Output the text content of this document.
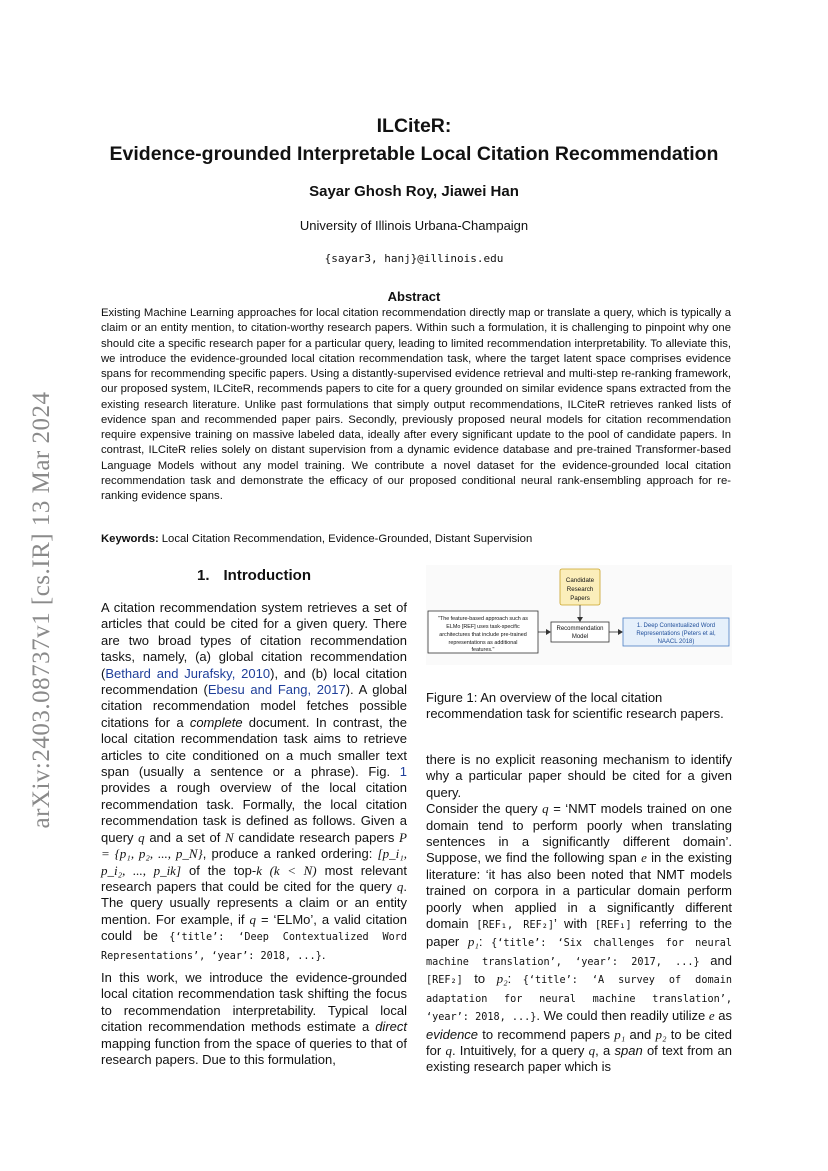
arXiv:2403.08737v1 [cs.IR] 13 Mar 2024
ILCiteR:
Evidence-grounded Interpretable Local Citation Recommendation
Sayar Ghosh Roy, Jiawei Han
University of Illinois Urbana-Champaign
{sayar3, hanj}@illinois.edu
Abstract

Existing Machine Learning approaches for local citation recommendation directly map or translate a query, which is typically a claim or an entity mention, to citation-worthy research papers. Within such a formulation, it is challenging to pinpoint why one should cite a specific research paper for a particular query, leading to limited recommendation interpretability. To alleviate this, we introduce the evidence-grounded local citation recommendation task, where the target latent space comprises evidence spans for recommending specific papers. Using a distantly-supervised evidence retrieval and multi-step re-ranking framework, our proposed system, ILCiteR, recommends papers to cite for a query grounded on similar evidence spans extracted from the existing research literature. Unlike past formulations that simply output recommendations, ILCiteR retrieves ranked lists of evidence span and recommended paper pairs. Secondly, previously proposed neural models for citation recommendation require expensive training on massive labeled data, ideally after every significant update to the pool of candidate papers. In contrast, ILCiteR relies solely on distant supervision from a dynamic evidence database and pre-trained Transformer-based Language Models without any model training. We contribute a novel dataset for the evidence-grounded local citation recommendation task and demonstrate the efficacy of our proposed conditional neural rank-ensembling approach for re-ranking evidence spans.

Keywords: Local Citation Recommendation, Evidence-Grounded, Distant Supervision
1. Introduction

A citation recommendation system retrieves a set of articles that could be cited for a given query. There are two broad types of citation recommendation tasks, namely, (a) global citation recommendation (Bethard and Jurafsky, 2010), and (b) local citation recommendation (Ebesu and Fang, 2017). A global citation recommendation model fetches possible citations for a complete document. In contrast, the local citation recommendation task aims to retrieve articles to cite conditioned on a much smaller text span (usually a sentence or a phrase). Fig. 1 provides a rough overview of the local citation recommendation task. Formally, the local citation recommendation task is defined as follows. Given a query q and a set of N candidate research papers P = {p₁, p₂, ..., p_N}, produce a ranked ordering: [p_i₁, p_i₂, ..., p_ik] of the top-k (k < N) most relevant research papers that could be cited for the query q. The query usually represents a claim or an entity mention. For example, if q = ‘ELMo’, a valid citation could be {‘title’: ‘Deep Contextualized Word Representations’, ‘year’: 2018, ...}.

In this work, we introduce the evidence-grounded local citation recommendation task shifting the focus to recommendation interpretability. Typical local citation recommendation methods estimate a direct mapping function from the space of queries to that of research papers. Due to this formulation,

Candidate
Research
Papers
"The feature-based approach such as
ELMo [REF] uses task-specific
architectures that include pre-trained
representations as additional
features."
Recommendation
Model
1. Deep Contextualized Word
Representations (Peters et al,
NAACL 2018)
Figure 1: An overview of the local citation recommendation task for scientific research papers.

there is no explicit reasoning mechanism to identify why a particular paper should be cited for a given query.

Consider the query q = ‘NMT models trained on one domain tend to perform poorly when translating sentences in a significantly different domain’. Suppose, we find the following span e in the existing literature: ‘it has also been noted that NMT models trained on corpora in a particular domain perform poorly when applied in a significantly different domain [REF₁, REF₂]’ with [REF₁] referring to the paper p₁: {‘title’: ‘Six challenges for neural machine translation’, ‘year’: 2017, ...} and [REF₂] to p₂: {‘title’: ‘A survey of domain adaptation for neural machine translation’, ‘year’: 2018, ...}. We could then readily utilize e as evidence to recommend papers p₁ and p₂ to be cited for q. Intuitively, for a query q, a span of text from an existing research paper which is
